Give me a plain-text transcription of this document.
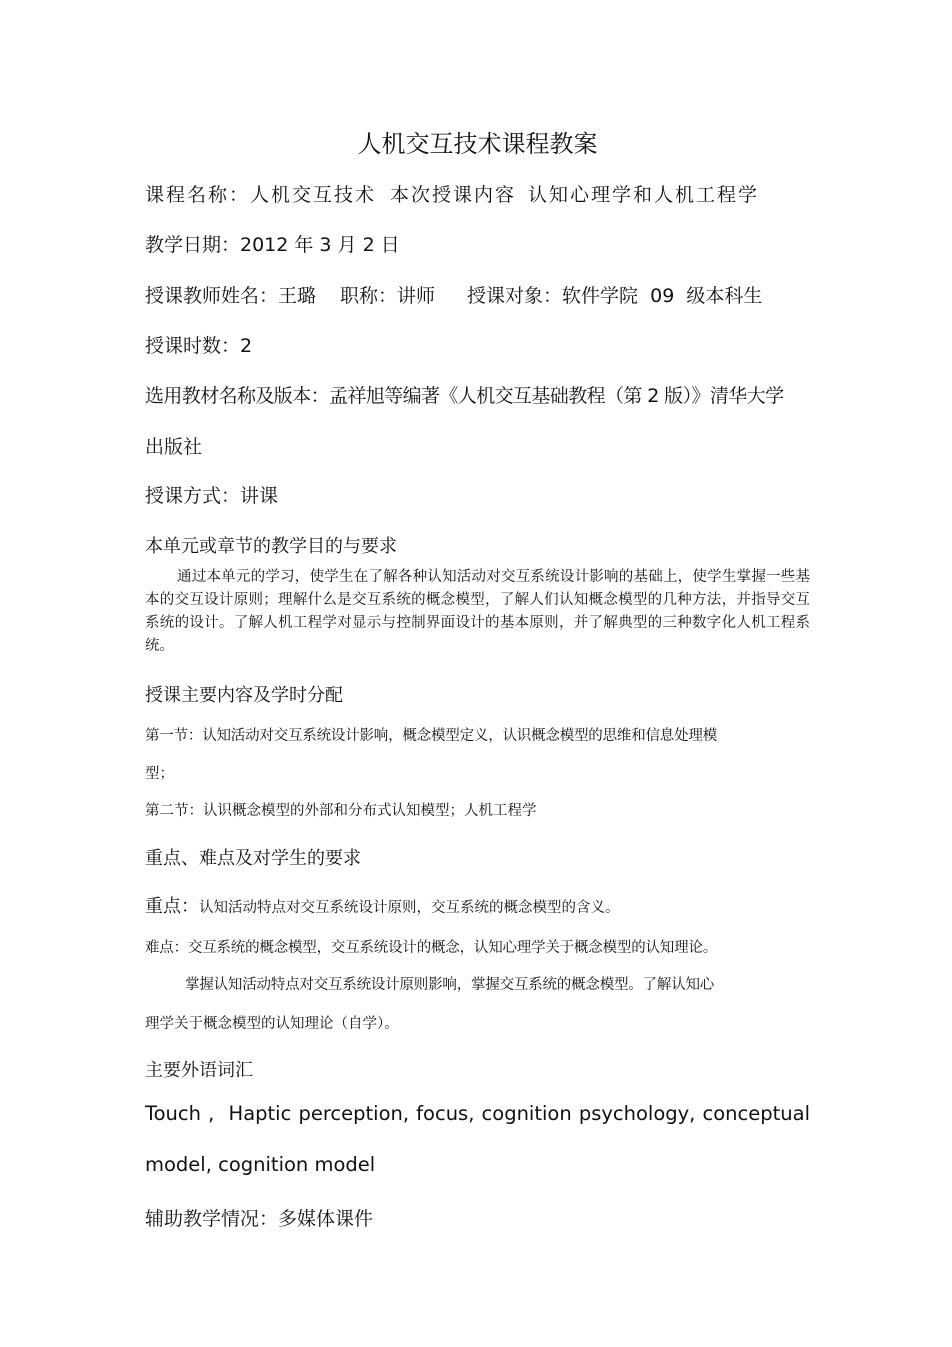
人机交互技术课程教案
课程名称：人机交互技术 本次授课内容 认知心理学和人机工程学
教学日期：2012 年 3 月 2 日
授课教师姓名：王璐 职称：讲师 授课对象：软件学院  09  级本科生
授课时数：2
选用教材名称及版本：孟祥旭等编著《人机交互基础教程（第 2 版）》清华大学
出版社
授课方式：讲课
本单元或章节的教学目的与要求
通过本单元的学习，使学生在了解各种认知活动对交互系统设计影响的基础上，使学生掌握一些基本的交互设计原则；理解什么是交互系统的概念模型，了解人们认知概念模型的几种方法，并指导交互系统的设计。了解人机工程学对显示与控制界面设计的基本原则，并了解典型的三种数字化人机工程系统。
授课主要内容及学时分配
第一节：认知活动对交互系统设计影响，概念模型定义，认识概念模型的思维和信息处理模
型；
第二节：认识概念模型的外部和分布式认知模型；人机工程学
重点、难点及对学生的要求
重点：认知活动特点对交互系统设计原则，交互系统的概念模型的含义。
难点：交互系统的概念模型，交互系统设计的概念，认知心理学关于概念模型的认知理论。
掌握认知活动特点对交互系统设计原则影响，掌握交互系统的概念模型。了解认知心
理学关于概念模型的认知理论（自学）。
主要外语词汇
Touch ,  Haptic perception, focus, cognition psychology, conceptual
model, cognition model
辅助教学情况：多媒体课件
